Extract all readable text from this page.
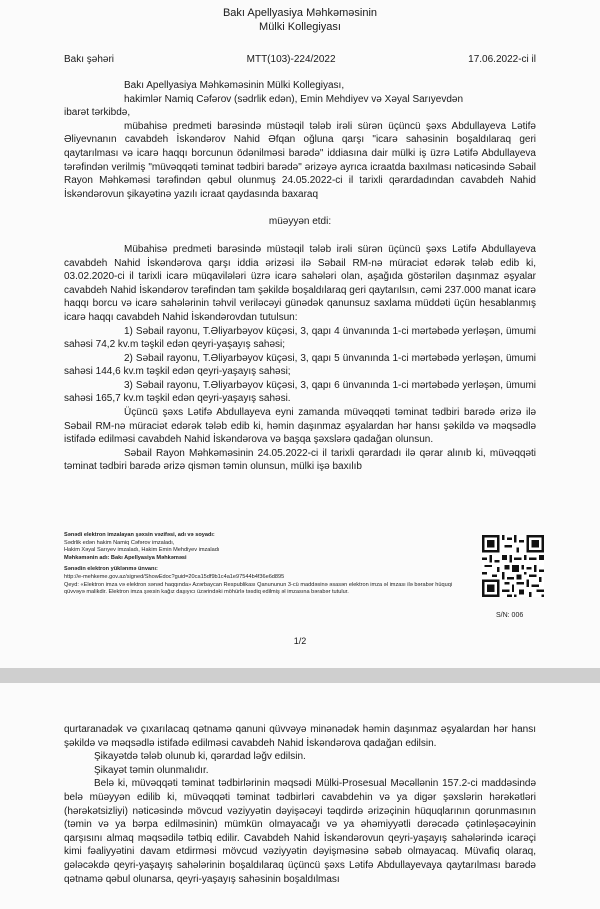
Bakı Apellyasiya Məhkəməsinin
Mülki Kollegiyası
Bakı şəhəri	MTT(103)-224/2022	17.06.2022-ci il

Bakı Apellyasiya Məhkəməsinin Mülki Kollegiyası,

hakimlər Namiq Cəfərov (sədrlik edən), Emin Mehdiyev və Xəyal Sarıyevdən

ibarət tərkibdə,

mübahisə predmeti barəsində müstəqil tələb irəli sürən üçüncü şəxs Abdullayeva Lətifə Əliyevnanın cavabdeh İskəndərov Nahid Əfqan oğluna qarşı "icarə sahəsinin boşaldılaraq geri qaytarılması və icarə haqqı borcunun ödənilməsi barədə" iddiasına dair mülki iş üzrə Lətifə Abdullayeva tərəfindən verilmiş "müvəqqəti təminat tədbiri barədə" ərizəyə ayrıca icraatda baxılması nəticəsində Səbail Rayon Məhkəməsi tərəfindən qəbul olunmuş 24.05.2022-ci il tarixli qərardadından cavabdeh Nahid İskəndərovun şikayətinə yazılı icraat qaydasında baxaraq

müəyyən etdi:

Mübahisə predmeti barəsində müstəqil tələb irəli sürən üçüncü şəxs Lətifə Abdullayeva cavabdeh Nahid İskəndərova qarşı iddia ərizəsi ilə Səbail RM-nə müraciət edərək tələb edib ki, 03.02.2020-ci il tarixli icarə müqavilələri üzrə icarə sahələri olan, aşağıda göstərilən daşınmaz əşyalar cavabdeh Nahid İskəndərov tərəfindən tam şəkildə boşaldılaraq geri qaytarılsın, cəmi 237.000 manat icarə haqqı borcu və icarə sahələrinin təhvil veriləcəyi günədək qanunsuz saxlama müddəti üçün hesablanmış icarə haqqı cavabdeh Nahid İskəndərovdan tutulsun:

1) Səbail rayonu, T.Əliyarbəyov küçəsi, 3, qapı 4 ünvanında 1-ci mərtəbədə yerləşən, ümumi sahəsi 74,2 kv.m təşkil edən qeyri-yaşayış sahəsi;

2) Səbail rayonu, T.Əliyarbəyov küçəsi, 3, qapı 5 ünvanında 1-ci mərtəbədə yerləşən, ümumi sahəsi 144,6 kv.m təşkil edən qeyri-yaşayış sahəsi;

3) Səbail rayonu, T.Əliyarbəyov küçəsi, 3, qapı 6 ünvanında 1-ci mərtəbədə yerləşən, ümumi sahəsi 165,7 kv.m təşkil edən qeyri-yaşayış sahəsi.

Üçüncü şəxs Lətifə Abdullayeva eyni zamanda müvəqqəti təminat tədbiri barədə ərizə ilə Səbail RM-nə müraciət edərək tələb edib ki, həmin daşınmaz əşyalardan hər hansı şəkildə və məqsədlə istifadə edilməsi cavabdeh Nahid İskəndərova və başqa şəxslərə qadağan olunsun.

Səbail Rayon Məhkəməsinin 24.05.2022-ci il tarixli qərardadı ilə qərar alınıb ki, müvəqqəti təminat tədbiri barədə ərizə qismən təmin olunsun, mülki işə baxılıb

Sənədi elektron imzalayan şəxsin vəzifəsi, adı və soyadı:

Sədrlik edən hakim Namiq Cəfərov imzaladı,

Hakim Xəyal Sarıyev imzaladı, Hakim Emin Mehdiyev imzaladı

Məhkəmənin adı: Bakı Apellyasiya Məhkəməsi

Sənədin elektron yüklənmə ünvanı:

http://e-mehkeme.gov.az/signed/ShowEdoc?guid=20ca15df9b1c4a1e97544b4f36e6d895

Qeyd: «Elektron imza və elektron sənəd haqqında» Azərbaycan Respublikası Qanununun 3-cü maddəsinə əsasən elektron imza əl imzası ilə bərabər hüquqi qüvvəyə malikdir. Elektron imza şəxsin kağız daşıyıcı üzərindəki möhürlə təsdiq edilmiş əl imzasına bərabər tutulur.

S/N: 006
1/2

qurtaranadək və çıxarılacaq qətnamə qanuni qüvvəyə minənədək həmin daşınmaz əşyalardan hər hansı şəkildə və məqsədlə istifadə edilməsi cavabdeh Nahid İskəndərova qadağan edilsin.

Şikayətdə tələb olunub ki, qərardad ləğv edilsin.

Şikayət təmin olunmalıdır.

Belə ki, müvəqqəti təminat tədbirlərinin məqsədi Mülki-Prosesual Məcəllənin 157.2-ci maddəsində belə müəyyən edilib ki, müvəqqəti təminat tədbirləri cavabdehin və ya digər şəxslərin hərəkətləri (hərəkətsizliyi) nəticəsində mövcud vəziyyətin dəyişəcəyi təqdirdə ərizəçinin hüquqlarının qorunmasının (təmin və ya bərpa edilməsinin) mümkün olmayacağı və ya əhəmiyyətli dərəcədə çətinləşəcəyinin qarşısını almaq məqsədilə tətbiq edilir. Cavabdeh Nahid İskəndərovun qeyri-yaşayış sahələrində icarəçi kimi fəaliyyətini davam etdirməsi mövcud vəziyyətin dəyişməsinə səbəb olmayacaq. Müvafiq olaraq, gələcəkdə qeyri-yaşayış sahələrinin boşaldılaraq üçüncü şəxs Lətifə Abdullayevaya qaytarılması barədə qətnamə qəbul olunarsa, qeyri-yaşayış sahəsinin boşaldılması
